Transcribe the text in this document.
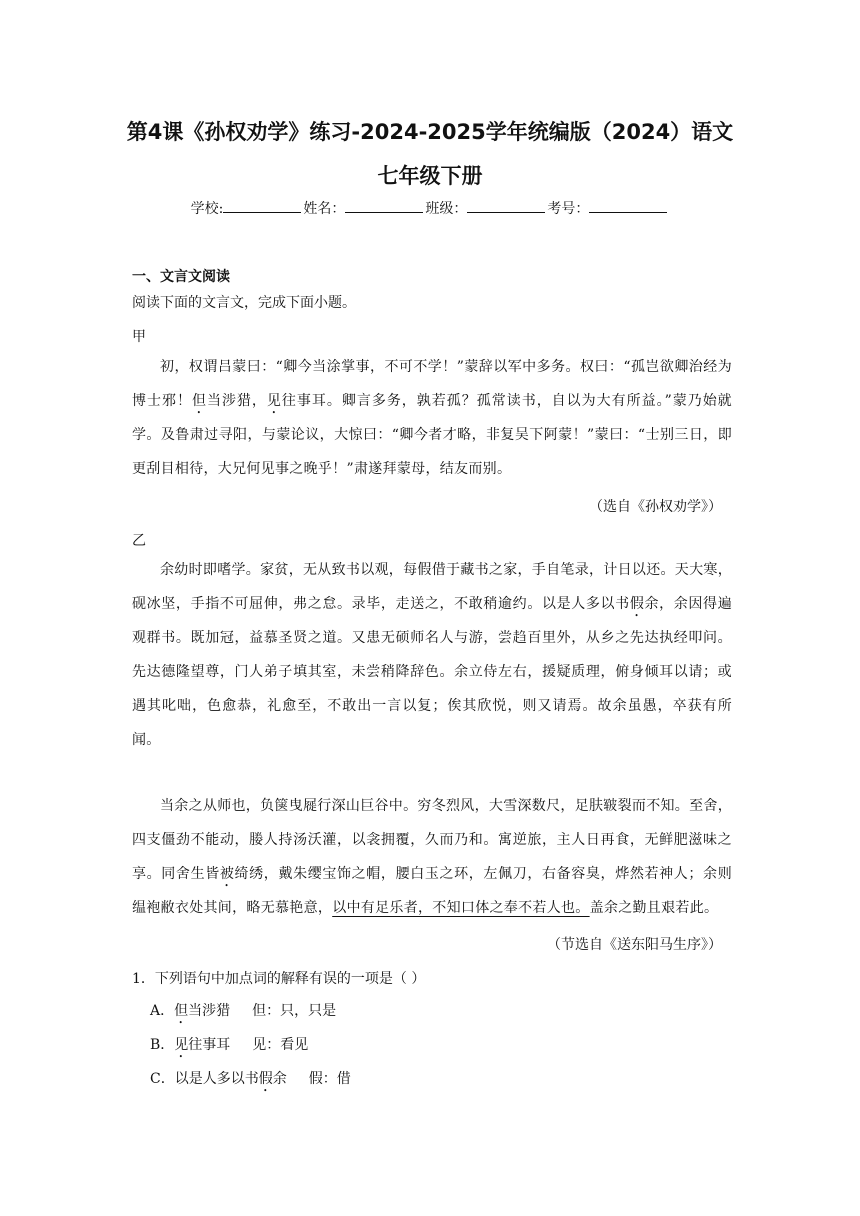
第4课《孙权劝学》练习-2024-2025学年统编版（2024）语文
七年级下册
学校:	姓名：	班级：	考号：
一、文言文阅读
阅读下面的文言文，完成下面小题。
甲
初，权谓吕蒙曰：“卿今当涂掌事，不可不学！”蒙辞以军中多务。权曰：“孤岂欲卿治经为博士邪！但当涉猎，见往事耳。卿言多务，孰若孤？孤常读书，自以为大有所益。”蒙乃始就学。及鲁肃过寻阳，与蒙论议，大惊曰：“卿今者才略，非复吴下阿蒙！”蒙曰：“士别三日，即更刮目相待，大兄何见事之晚乎！”肃遂拜蒙母，结友而别。
（选自《孙权劝学》）
乙
余幼时即嗜学。家贫，无从致书以观，每假借于藏书之家，手自笔录，计日以还。天大寒，砚冰坚，手指不可屈伸，弗之怠。录毕，走送之，不敢稍逾约。以是人多以书假余，余因得遍观群书。既加冠，益慕圣贤之道。又患无硕师名人与游，尝趋百里外，从乡之先达执经叩问。先达德隆望尊，门人弟子填其室，未尝稍降辞色。余立侍左右，援疑质理，俯身倾耳以请；或遇其叱咄，色愈恭，礼愈至，不敢出一言以复；俟其欣悦，则又请焉。故余虽愚，卒获有所闻。
当余之从师也，负箧曳屣行深山巨谷中。穷冬烈风，大雪深数尺，足肤皲裂而不知。至舍，四支僵劲不能动，媵人持汤沃灌，以衾拥覆，久而乃和。寓逆旅，主人日再食，无鲜肥滋味之享。同舍生皆被绮绣，戴朱缨宝饰之帽，腰白玉之环，左佩刀，右备容臭，烨然若神人；余则缊袍敝衣处其间，略无慕艳意，以中有足乐者，不知口体之奉不若人也。盖余之勤且艰若此。
（节选自《送东阳马生序》）
1．下列语句中加点词的解释有误的一项是（ ）
A．但当涉猎 但：只，只是
B．见往事耳 见：看见
C．以是人多以书假余 假：借
